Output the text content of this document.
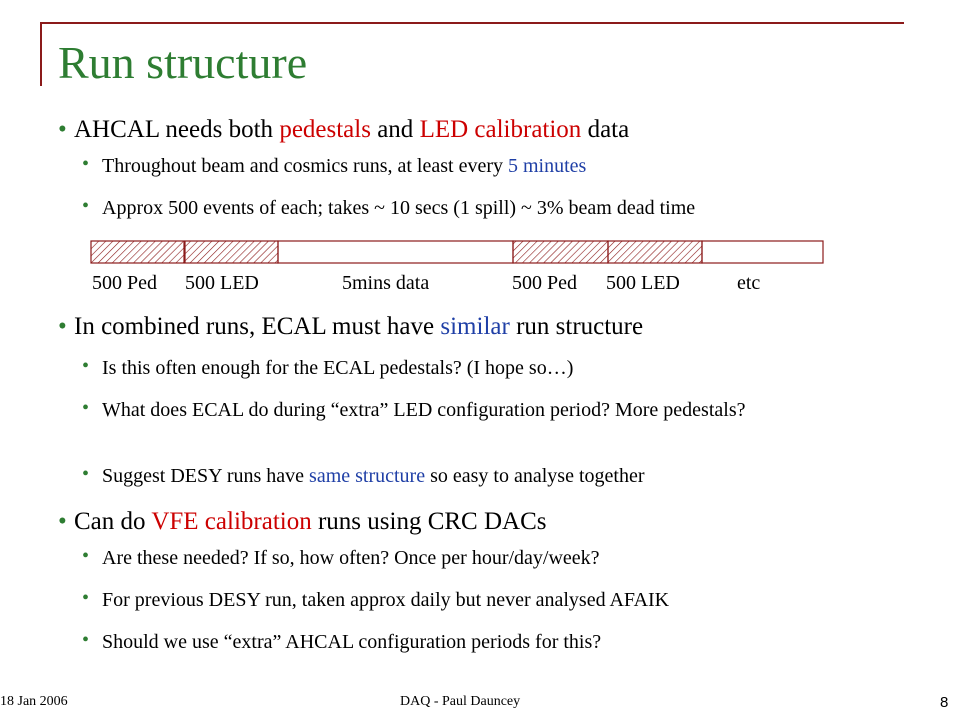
Run structure
• AHCAL needs both pedestals and LED calibration data
• Throughout beam and cosmics runs, at least every 5 minutes
• Approx 500 events of each; takes ~ 10 secs (1 spill) ~ 3% beam dead time
• In combined runs, ECAL must have similar run structure
• Is this often enough for the ECAL pedestals? (I hope so…)
• What does ECAL do during “extra” LED configuration period? More pedestals?
• Suggest DESY runs have same structure so easy to analyse together
• Can do VFE calibration runs using CRC DACs
• Are these needed? If so, how often? Once per hour/day/week?
• For previous DESY run, taken approx daily but never analysed AFAIK
• Should we use “extra” AHCAL configuration periods for this?
500 Ped 500 LED	5mins data	500 Ped 500 LED	etc
18 Jan 2006	DAQ - Paul Dauncey	8
